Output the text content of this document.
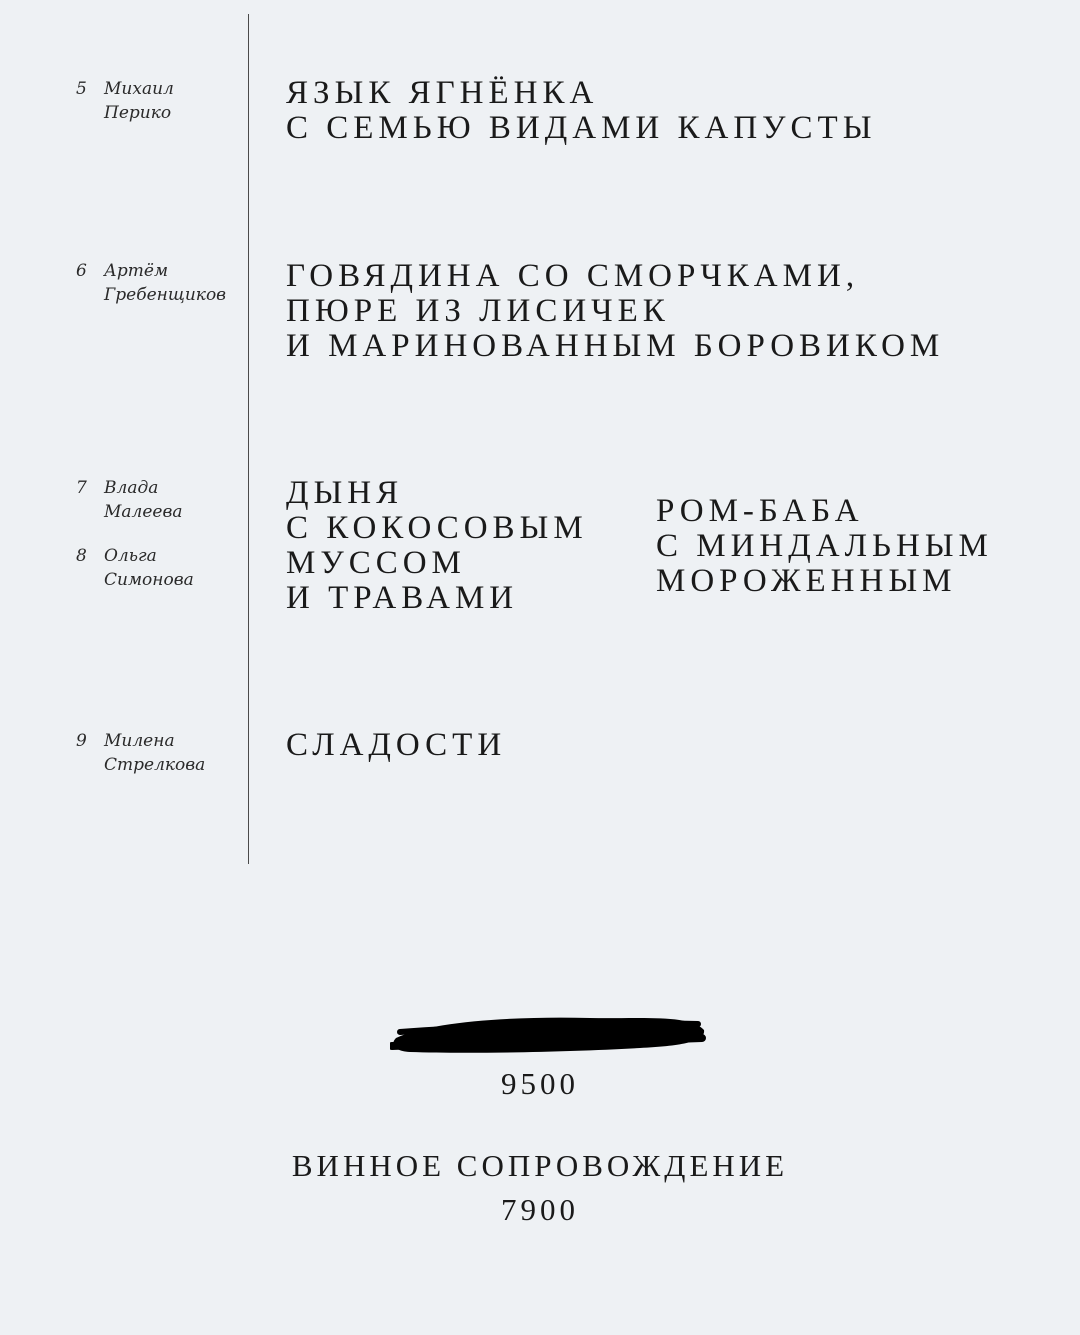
5 Михаил
Перико
ЯЗЫК ЯГНЁНКА
С СЕМЬЮ ВИДАМИ КАПУСТЫ
6 Артём
Гребенщиков
ГОВЯДИНА СО СМОРЧКАМИ,
ПЮРЕ ИЗ ЛИСИЧЕК
И МАРИНОВАННЫМ БОРОВИКОМ
7 Влада
Малеева
ДЫНЯ
С КОКОСОВЫМ
МУССОМ
И ТРАВАМИ
8 Ольга
Симонова
РОМ-БАБА
С МИНДАЛЬНЫМ
МОРОЖЕННЫМ
9 Милена
Стрелкова
СЛАДОСТИ
9500
ВИННОЕ СОПРОВОЖДЕНИЕ
7900
